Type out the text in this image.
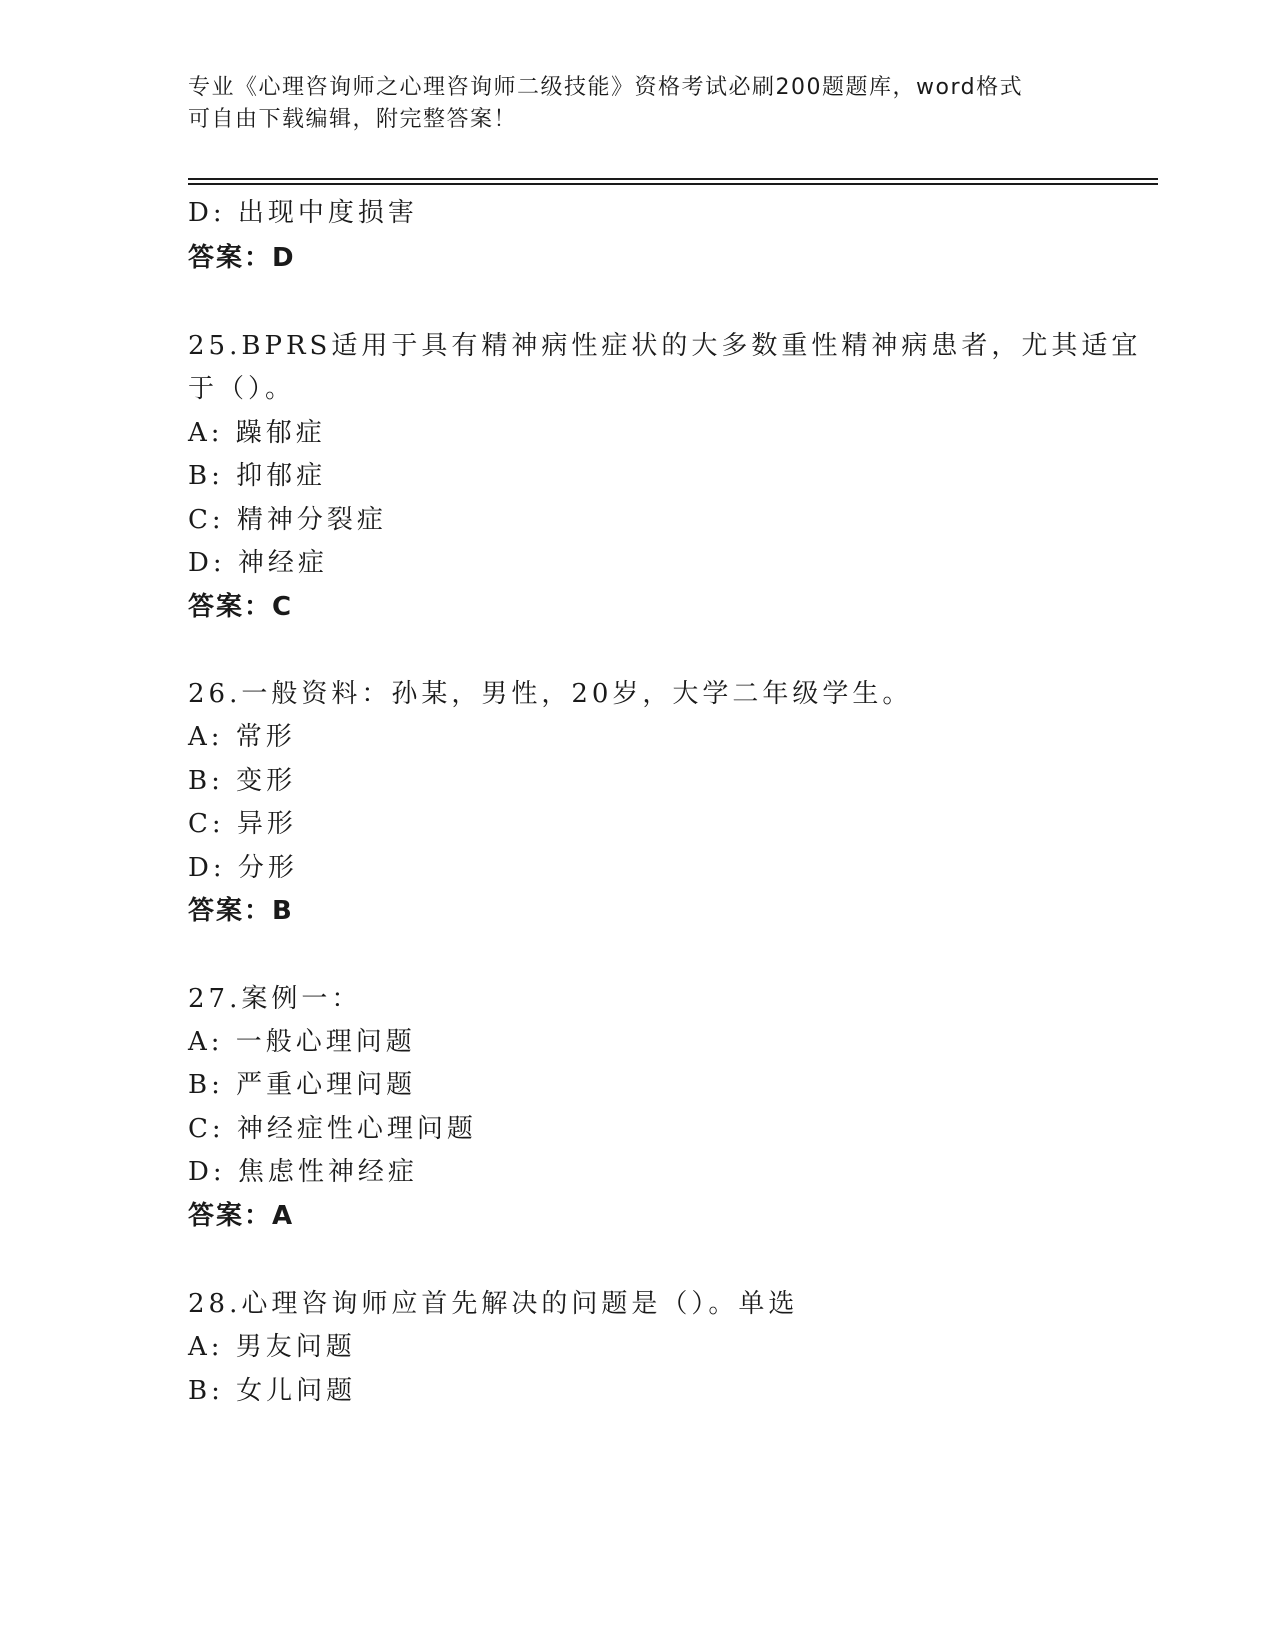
专业《心理咨询师之心理咨询师二级技能》资格考试必刷200题题库，word格式
可自由下载编辑，附完整答案！
D: 出现中度损害
答案：D
25.BPRS适用于具有精神病性症状的大多数重性精神病患者，尤其适宜
于（）。
A: 躁郁症
B: 抑郁症
C: 精神分裂症
D: 神经症
答案：C
26.一般资料：孙某，男性，20岁，大学二年级学生。
A: 常形
B: 变形
C: 异形
D: 分形
答案：B
27.案例一：
A: 一般心理问题
B: 严重心理问题
C: 神经症性心理问题
D: 焦虑性神经症
答案：A
28.心理咨询师应首先解决的问题是（）。单选
A: 男友问题
B: 女儿问题
